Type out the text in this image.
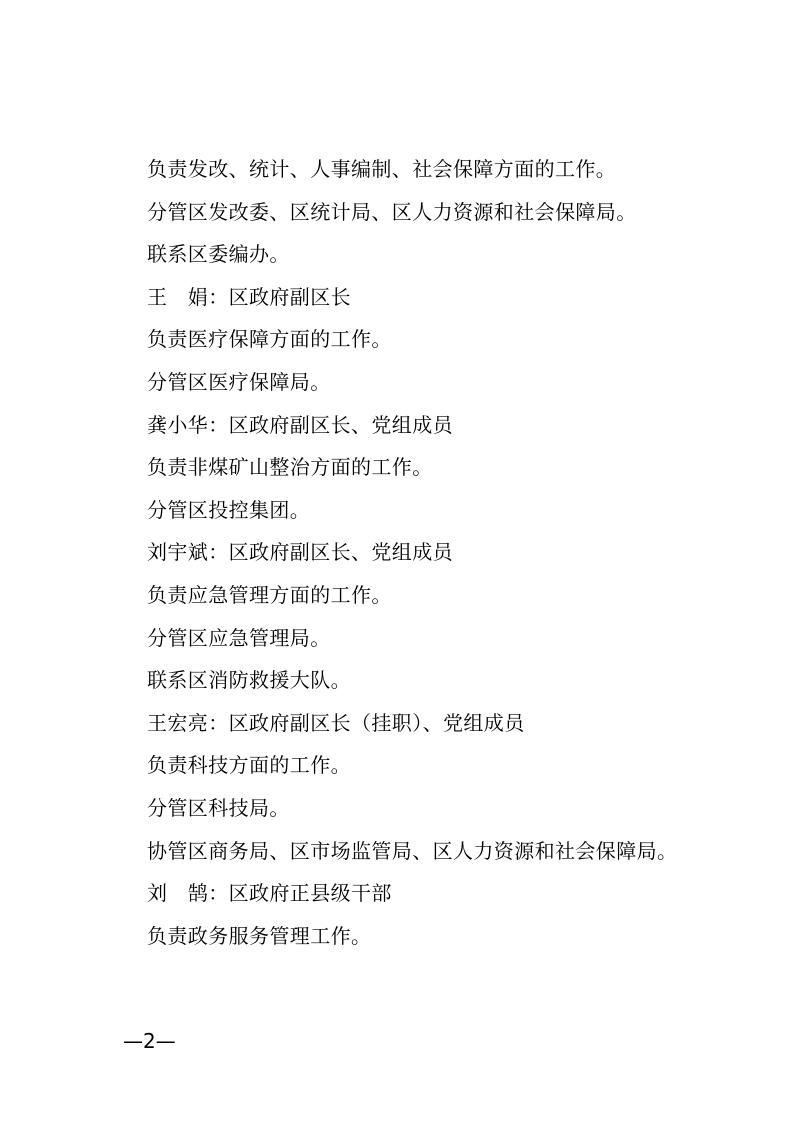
负责发改、统计、人事编制、社会保障方面的工作。
分管区发改委、区统计局、区人力资源和社会保障局。
联系区委编办。
王　娟：区政府副区长
负责医疗保障方面的工作。
分管区医疗保障局。
龚小华：区政府副区长、党组成员
负责非煤矿山整治方面的工作。
分管区投控集团。
刘宇斌：区政府副区长、党组成员
负责应急管理方面的工作。
分管区应急管理局。
联系区消防救援大队。
王宏亮：区政府副区长（挂职）、党组成员
负责科技方面的工作。
分管区科技局。
协管区商务局、区市场监管局、区人力资源和社会保障局。
刘　鹄：区政府正县级干部
负责政务服务管理工作。
—2—
